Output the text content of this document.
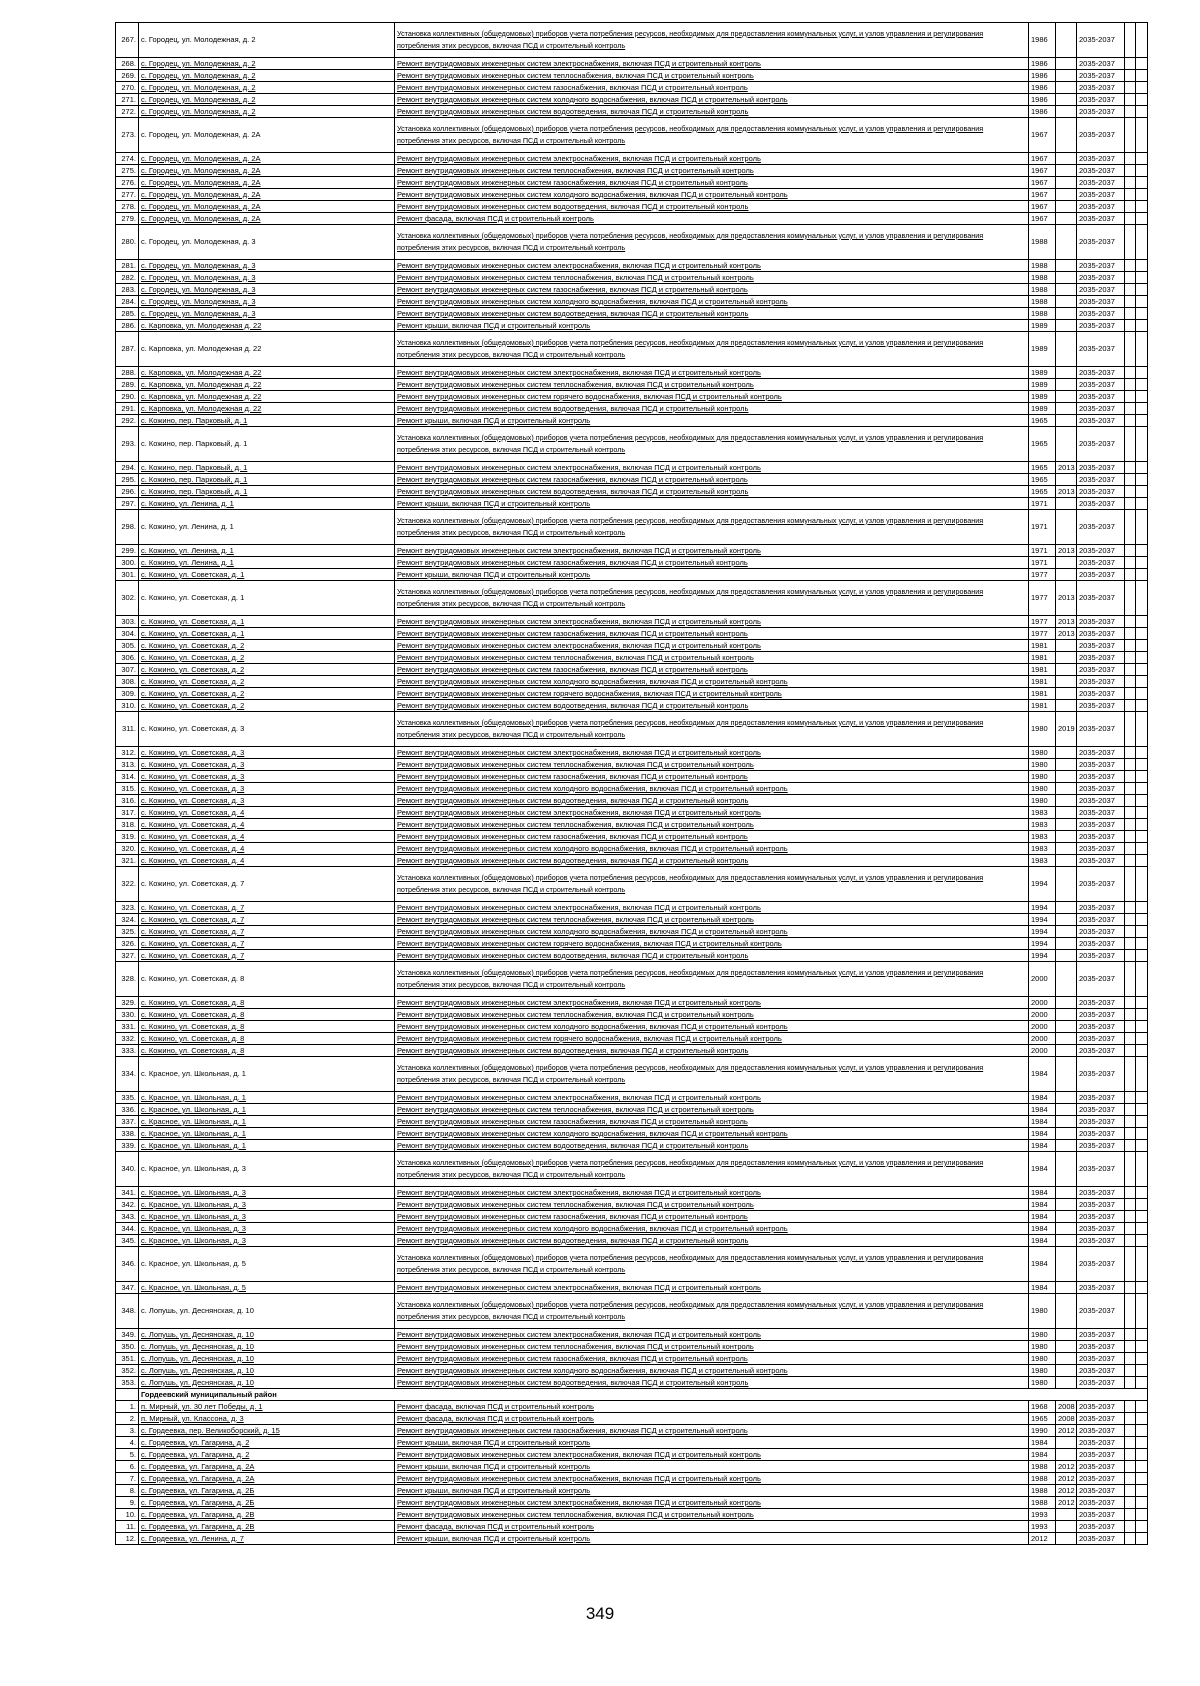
267.	с. Городец, ул. Молодежная, д. 2	Установка коллективных (общедомовых) приборов учета потребления ресурсов, необходимых для предоставления коммунальных услуг, и узлов управления и регулирования потребления этих ресурсов, включая ПСД и строительный контроль	1986		2035-2037		
268.	с. Городец, ул. Молодежная, д. 2	Ремонт внутридомовых инженерных систем электроснабжения, включая ПСД и строительный контроль	1986		2035-2037		
269.	с. Городец, ул. Молодежная, д. 2	Ремонт внутридомовых инженерных систем теплоснабжения, включая ПСД и строительный контроль	1986		2035-2037		
270.	с. Городец, ул. Молодежная, д. 2	Ремонт внутридомовых инженерных систем газоснабжения, включая ПСД и строительный контроль	1986		2035-2037		
271.	с. Городец, ул. Молодежная, д. 2	Ремонт внутридомовых инженерных систем холодного водоснабжения, включая ПСД и строительный контроль	1986		2035-2037		
272.	с. Городец, ул. Молодежная, д. 2	Ремонт внутридомовых инженерных систем водоотведения, включая ПСД и строительный контроль	1986		2035-2037		
273.	с. Городец, ул. Молодежная, д. 2А	Установка коллективных (общедомовых) приборов учета потребления ресурсов, необходимых для предоставления коммунальных услуг, и узлов управления и регулирования потребления этих ресурсов, включая ПСД и строительный контроль	1967		2035-2037		
274.	с. Городец, ул. Молодежная, д. 2А	Ремонт внутридомовых инженерных систем электроснабжения, включая ПСД и строительный контроль	1967		2035-2037		
275.	с. Городец, ул. Молодежная, д. 2А	Ремонт внутридомовых инженерных систем теплоснабжения, включая ПСД и строительный контроль	1967		2035-2037		
276.	с. Городец, ул. Молодежная, д. 2А	Ремонт внутридомовых инженерных систем газоснабжения, включая ПСД и строительный контроль	1967		2035-2037		
277.	с. Городец, ул. Молодежная, д. 2А	Ремонт внутридомовых инженерных систем холодного водоснабжения, включая ПСД и строительный контроль	1967		2035-2037		
278.	с. Городец, ул. Молодежная, д. 2А	Ремонт внутридомовых инженерных систем водоотведения, включая ПСД и строительный контроль	1967		2035-2037		
279.	с. Городец, ул. Молодежная, д. 2А	Ремонт фасада, включая ПСД и строительный контроль	1967		2035-2037		
280.	с. Городец, ул. Молодежная, д. 3	Установка коллективных (общедомовых) приборов учета потребления ресурсов, необходимых для предоставления коммунальных услуг, и узлов управления и регулирования потребления этих ресурсов, включая ПСД и строительный контроль	1988		2035-2037		
281.	с. Городец, ул. Молодежная, д. 3	Ремонт внутридомовых инженерных систем электроснабжения, включая ПСД и строительный контроль	1988		2035-2037		
282.	с. Городец, ул. Молодежная, д. 3	Ремонт внутридомовых инженерных систем теплоснабжения, включая ПСД и строительный контроль	1988		2035-2037		
283.	с. Городец, ул. Молодежная, д. 3	Ремонт внутридомовых инженерных систем газоснабжения, включая ПСД и строительный контроль	1988		2035-2037		
284.	с. Городец, ул. Молодежная, д. 3	Ремонт внутридомовых инженерных систем холодного водоснабжения, включая ПСД и строительный контроль	1988		2035-2037		
285.	с. Городец, ул. Молодежная, д. 3	Ремонт внутридомовых инженерных систем водоотведения, включая ПСД и строительный контроль	1988		2035-2037		
286.	с. Карповка, ул. Молодежная д. 22	Ремонт крыши, включая ПСД и строительный контроль	1989		2035-2037		
287.	с. Карповка, ул. Молодежная д. 22	Установка коллективных (общедомовых) приборов учета потребления ресурсов, необходимых для предоставления коммунальных услуг, и узлов управления и регулирования потребления этих ресурсов, включая ПСД и строительный контроль	1989		2035-2037		
288.	с. Карповка, ул. Молодежная д. 22	Ремонт внутридомовых инженерных систем электроснабжения, включая ПСД и строительный контроль	1989		2035-2037		
289.	с. Карповка, ул. Молодежная д. 22	Ремонт внутридомовых инженерных систем теплоснабжения, включая ПСД и строительный контроль	1989		2035-2037		
290.	с. Карповка, ул. Молодежная д. 22	Ремонт внутридомовых инженерных систем горячего водоснабжения, включая ПСД и строительный контроль	1989		2035-2037		
291.	с. Карповка, ул. Молодежная д. 22	Ремонт внутридомовых инженерных систем водоотведения, включая ПСД и строительный контроль	1989		2035-2037		
292.	с. Кожино, пер. Парковый, д. 1	Ремонт крыши, включая ПСД и строительный контроль	1965		2035-2037		
293.	с. Кожино, пер. Парковый, д. 1	Установка коллективных (общедомовых) приборов учета потребления ресурсов, необходимых для предоставления коммунальных услуг, и узлов управления и регулирования потребления этих ресурсов, включая ПСД и строительный контроль	1965		2035-2037		
294.	с. Кожино, пер. Парковый, д. 1	Ремонт внутридомовых инженерных систем электроснабжения, включая ПСД и строительный контроль	1965	2013	2035-2037		
295.	с. Кожино, пер. Парковый, д. 1	Ремонт внутридомовых инженерных систем газоснабжения, включая ПСД и строительный контроль	1965		2035-2037		
296.	с. Кожино, пер. Парковый, д. 1	Ремонт внутридомовых инженерных систем водоотведения, включая ПСД и строительный контроль	1965	2013	2035-2037		
297.	с. Кожино, ул. Ленина, д. 1	Ремонт крыши, включая ПСД и строительный контроль	1971		2035-2037		
298.	с. Кожино, ул. Ленина, д. 1	Установка коллективных (общедомовых) приборов учета потребления ресурсов, необходимых для предоставления коммунальных услуг, и узлов управления и регулирования потребления этих ресурсов, включая ПСД и строительный контроль	1971		2035-2037		
299.	с. Кожино, ул. Ленина, д. 1	Ремонт внутридомовых инженерных систем электроснабжения, включая ПСД и строительный контроль	1971	2013	2035-2037		
300.	с. Кожино, ул. Ленина, д. 1	Ремонт внутридомовых инженерных систем газоснабжения, включая ПСД и строительный контроль	1971		2035-2037		
301.	с. Кожино, ул. Советская, д. 1	Ремонт крыши, включая ПСД и строительный контроль	1977		2035-2037		
302.	с. Кожино, ул. Советская, д. 1	Установка коллективных (общедомовых) приборов учета потребления ресурсов, необходимых для предоставления коммунальных услуг, и узлов управления и регулирования потребления этих ресурсов, включая ПСД и строительный контроль	1977	2013	2035-2037		
303.	с. Кожино, ул. Советская, д. 1	Ремонт внутридомовых инженерных систем электроснабжения, включая ПСД и строительный контроль	1977	2013	2035-2037		
304.	с. Кожино, ул. Советская, д. 1	Ремонт внутридомовых инженерных систем газоснабжения, включая ПСД и строительный контроль	1977	2013	2035-2037		
305.	с. Кожино, ул. Советская, д. 2	Ремонт внутридомовых инженерных систем электроснабжения, включая ПСД и строительный контроль	1981		2035-2037		
306.	с. Кожино, ул. Советская, д. 2	Ремонт внутридомовых инженерных систем теплоснабжения, включая ПСД и строительный контроль	1981		2035-2037		
307.	с. Кожино, ул. Советская, д. 2	Ремонт внутридомовых инженерных систем газоснабжения, включая ПСД и строительный контроль	1981		2035-2037		
308.	с. Кожино, ул. Советская, д. 2	Ремонт внутридомовых инженерных систем холодного водоснабжения, включая ПСД и строительный контроль	1981		2035-2037		
309.	с. Кожино, ул. Советская, д. 2	Ремонт внутридомовых инженерных систем горячего водоснабжения, включая ПСД и строительный контроль	1981		2035-2037		
310.	с. Кожино, ул. Советская, д. 2	Ремонт внутридомовых инженерных систем водоотведения, включая ПСД и строительный контроль	1981		2035-2037		
311.	с. Кожино, ул. Советская, д. 3	Установка коллективных (общедомовых) приборов учета потребления ресурсов, необходимых для предоставления коммунальных услуг, и узлов управления и регулирования потребления этих ресурсов, включая ПСД и строительный контроль	1980	2019	2035-2037		
312.	с. Кожино, ул. Советская, д. 3	Ремонт внутридомовых инженерных систем электроснабжения, включая ПСД и строительный контроль	1980		2035-2037		
313.	с. Кожино, ул. Советская, д. 3	Ремонт внутридомовых инженерных систем теплоснабжения, включая ПСД и строительный контроль	1980		2035-2037		
314.	с. Кожино, ул. Советская, д. 3	Ремонт внутридомовых инженерных систем газоснабжения, включая ПСД и строительный контроль	1980		2035-2037		
315.	с. Кожино, ул. Советская, д. 3	Ремонт внутридомовых инженерных систем холодного водоснабжения, включая ПСД и строительный контроль	1980		2035-2037		
316.	с. Кожино, ул. Советская, д. 3	Ремонт внутридомовых инженерных систем водоотведения, включая ПСД и строительный контроль	1980		2035-2037		
317.	с. Кожино, ул. Советская, д. 4	Ремонт внутридомовых инженерных систем электроснабжения, включая ПСД и строительный контроль	1983		2035-2037		
318.	с. Кожино, ул. Советская, д. 4	Ремонт внутридомовых инженерных систем теплоснабжения, включая ПСД и строительный контроль	1983		2035-2037		
319.	с. Кожино, ул. Советская, д. 4	Ремонт внутридомовых инженерных систем газоснабжения, включая ПСД и строительный контроль	1983		2035-2037		
320.	с. Кожино, ул. Советская, д. 4	Ремонт внутридомовых инженерных систем холодного водоснабжения, включая ПСД и строительный контроль	1983		2035-2037		
321.	с. Кожино, ул. Советская, д. 4	Ремонт внутридомовых инженерных систем водоотведения, включая ПСД и строительный контроль	1983		2035-2037		
322.	с. Кожино, ул. Советская, д. 7	Установка коллективных (общедомовых) приборов учета потребления ресурсов, необходимых для предоставления коммунальных услуг, и узлов управления и регулирования потребления этих ресурсов, включая ПСД и строительный контроль	1994		2035-2037		
323.	с. Кожино, ул. Советская, д. 7	Ремонт внутридомовых инженерных систем электроснабжения, включая ПСД и строительный контроль	1994		2035-2037		
324.	с. Кожино, ул. Советская, д. 7	Ремонт внутридомовых инженерных систем теплоснабжения, включая ПСД и строительный контроль	1994		2035-2037		
325.	с. Кожино, ул. Советская, д. 7	Ремонт внутридомовых инженерных систем холодного водоснабжения, включая ПСД и строительный контроль	1994		2035-2037		
326.	с. Кожино, ул. Советская, д. 7	Ремонт внутридомовых инженерных систем горячего водоснабжения, включая ПСД и строительный контроль	1994		2035-2037		
327.	с. Кожино, ул. Советская, д. 7	Ремонт внутридомовых инженерных систем водоотведения, включая ПСД и строительный контроль	1994		2035-2037		
328.	с. Кожино, ул. Советская, д. 8	Установка коллективных (общедомовых) приборов учета потребления ресурсов, необходимых для предоставления коммунальных услуг, и узлов управления и регулирования потребления этих ресурсов, включая ПСД и строительный контроль	2000		2035-2037		
329.	с. Кожино, ул. Советская, д. 8	Ремонт внутридомовых инженерных систем электроснабжения, включая ПСД и строительный контроль	2000		2035-2037		
330.	с. Кожино, ул. Советская, д. 8	Ремонт внутридомовых инженерных систем теплоснабжения, включая ПСД и строительный контроль	2000		2035-2037		
331.	с. Кожино, ул. Советская, д. 8	Ремонт внутридомовых инженерных систем холодного водоснабжения, включая ПСД и строительный контроль	2000		2035-2037		
332.	с. Кожино, ул. Советская, д. 8	Ремонт внутридомовых инженерных систем горячего водоснабжения, включая ПСД и строительный контроль	2000		2035-2037		
333.	с. Кожино, ул. Советская, д. 8	Ремонт внутридомовых инженерных систем водоотведения, включая ПСД и строительный контроль	2000		2035-2037		
334.	с. Красное, ул. Школьная, д. 1	Установка коллективных (общедомовых) приборов учета потребления ресурсов, необходимых для предоставления коммунальных услуг, и узлов управления и регулирования потребления этих ресурсов, включая ПСД и строительный контроль	1984		2035-2037		
335.	с. Красное, ул. Школьная, д. 1	Ремонт внутридомовых инженерных систем электроснабжения, включая ПСД и строительный контроль	1984		2035-2037		
336.	с. Красное, ул. Школьная, д. 1	Ремонт внутридомовых инженерных систем теплоснабжения, включая ПСД и строительный контроль	1984		2035-2037		
337.	с. Красное, ул. Школьная, д. 1	Ремонт внутридомовых инженерных систем газоснабжения, включая ПСД и строительный контроль	1984		2035-2037		
338.	с. Красное, ул. Школьная, д. 1	Ремонт внутридомовых инженерных систем холодного водоснабжения, включая ПСД и строительный контроль	1984		2035-2037		
339.	с. Красное, ул. Школьная, д. 1	Ремонт внутридомовых инженерных систем водоотведения, включая ПСД и строительный контроль	1984		2035-2037		
340.	с. Красное, ул. Школьная, д. 3	Установка коллективных (общедомовых) приборов учета потребления ресурсов, необходимых для предоставления коммунальных услуг, и узлов управления и регулирования потребления этих ресурсов, включая ПСД и строительный контроль	1984		2035-2037		
341.	с. Красное, ул. Школьная, д. 3	Ремонт внутридомовых инженерных систем электроснабжения, включая ПСД и строительный контроль	1984		2035-2037		
342.	с. Красное, ул. Школьная, д. 3	Ремонт внутридомовых инженерных систем теплоснабжения, включая ПСД и строительный контроль	1984		2035-2037		
343.	с. Красное, ул. Школьная, д. 3	Ремонт внутридомовых инженерных систем газоснабжения, включая ПСД и строительный контроль	1984		2035-2037		
344.	с. Красное, ул. Школьная, д. 3	Ремонт внутридомовых инженерных систем холодного водоснабжения, включая ПСД и строительный контроль	1984		2035-2037		
345.	с. Красное, ул. Школьная, д. 3	Ремонт внутридомовых инженерных систем водоотведения, включая ПСД и строительный контроль	1984		2035-2037		
346.	с. Красное, ул. Школьная, д. 5	Установка коллективных (общедомовых) приборов учета потребления ресурсов, необходимых для предоставления коммунальных услуг, и узлов управления и регулирования потребления этих ресурсов, включая ПСД и строительный контроль	1984		2035-2037		
347.	с. Красное, ул. Школьная, д. 5	Ремонт внутридомовых инженерных систем электроснабжения, включая ПСД и строительный контроль	1984		2035-2037		
348.	с. Лопушь, ул. Деснянская, д. 10	Установка коллективных (общедомовых) приборов учета потребления ресурсов, необходимых для предоставления коммунальных услуг, и узлов управления и регулирования потребления этих ресурсов, включая ПСД и строительный контроль	1980		2035-2037		
349.	с. Лопушь, ул. Деснянская, д. 10	Ремонт внутридомовых инженерных систем электроснабжения, включая ПСД и строительный контроль	1980		2035-2037		
350.	с. Лопушь, ул. Деснянская, д. 10	Ремонт внутридомовых инженерных систем теплоснабжения, включая ПСД и строительный контроль	1980		2035-2037		
351.	с. Лопушь, ул. Деснянская, д. 10	Ремонт внутридомовых инженерных систем газоснабжения, включая ПСД и строительный контроль	1980		2035-2037		
352.	с. Лопушь, ул. Деснянская, д. 10	Ремонт внутридомовых инженерных систем холодного водоснабжения, включая ПСД и строительный контроль	1980		2035-2037		
353.	с. Лопушь, ул. Деснянская, д. 10	Ремонт внутридомовых инженерных систем водоотведения, включая ПСД и строительный контроль	1980		2035-2037		
	Гордеевский муниципальный район						
1.	п. Мирный, ул. 30 лет Победы, д. 1	Ремонт фасада, включая ПСД и строительный контроль	1968	2008	2035-2037		
2.	п. Мирный, ул. Классона, д. 3	Ремонт фасада, включая ПСД и строительный контроль	1965	2008	2035-2037		
3.	с. Гордеевка, пер. Великоборский, д. 15	Ремонт внутридомовых инженерных систем газоснабжения, включая ПСД и строительный контроль	1990	2012	2035-2037		
4.	с. Гордеевка, ул. Гагарина, д. 2	Ремонт крыши, включая ПСД и строительный контроль	1984		2035-2037		
5.	с. Гордеевка, ул. Гагарина, д. 2	Ремонт внутридомовых инженерных систем электроснабжения, включая ПСД и строительный контроль	1984		2035-2037		
6.	с. Гордеевка, ул. Гагарина, д. 2А	Ремонт крыши, включая ПСД и строительный контроль	1988	2012	2035-2037		
7.	с. Гордеевка, ул. Гагарина, д. 2А	Ремонт внутридомовых инженерных систем электроснабжения, включая ПСД и строительный контроль	1988	2012	2035-2037		
8.	с. Гордеевка, ул. Гагарина, д. 2Б	Ремонт крыши, включая ПСД и строительный контроль	1988	2012	2035-2037		
9.	с. Гордеевка, ул. Гагарина, д. 2Б	Ремонт внутридомовых инженерных систем электроснабжения, включая ПСД и строительный контроль	1988	2012	2035-2037		
10.	с. Гордеевка, ул. Гагарина, д. 2В	Ремонт внутридомовых инженерных систем теплоснабжения, включая ПСД и строительный контроль	1993		2035-2037		
11.	с. Гордеевка, ул. Гагарина, д. 2В	Ремонт фасада, включая ПСД и строительный контроль	1993		2035-2037		
12.	с. Гордеевка, ул. Ленина, д. 7	Ремонт крыши, включая ПСД и строительный контроль	2012		2035-2037		
349
